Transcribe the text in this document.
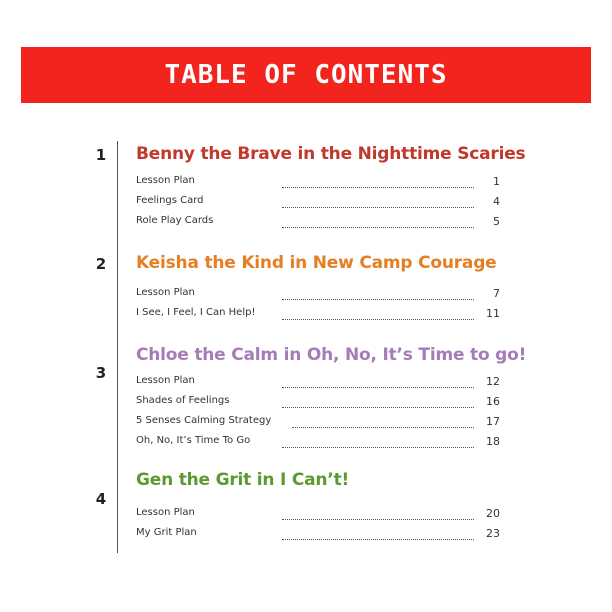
TABLE OF CONTENTS
1 Benny the Brave in the Nighttime Scaries
Lesson Plan	1
Feelings Card	4
Role Play Cards	5
2 Keisha the Kind in New Camp Courage
Lesson Plan	7
I See, I Feel, I Can Help!	11
3
Chloe the Calm in Oh, No, It’s Time to go!
Lesson Plan	12
Shades of Feelings	16
5 Senses Calming Strategy	17
Oh, No, It’s Time To Go	18
4
Gen the Grit in I Can’t!
Lesson Plan	20
My Grit Plan	23
